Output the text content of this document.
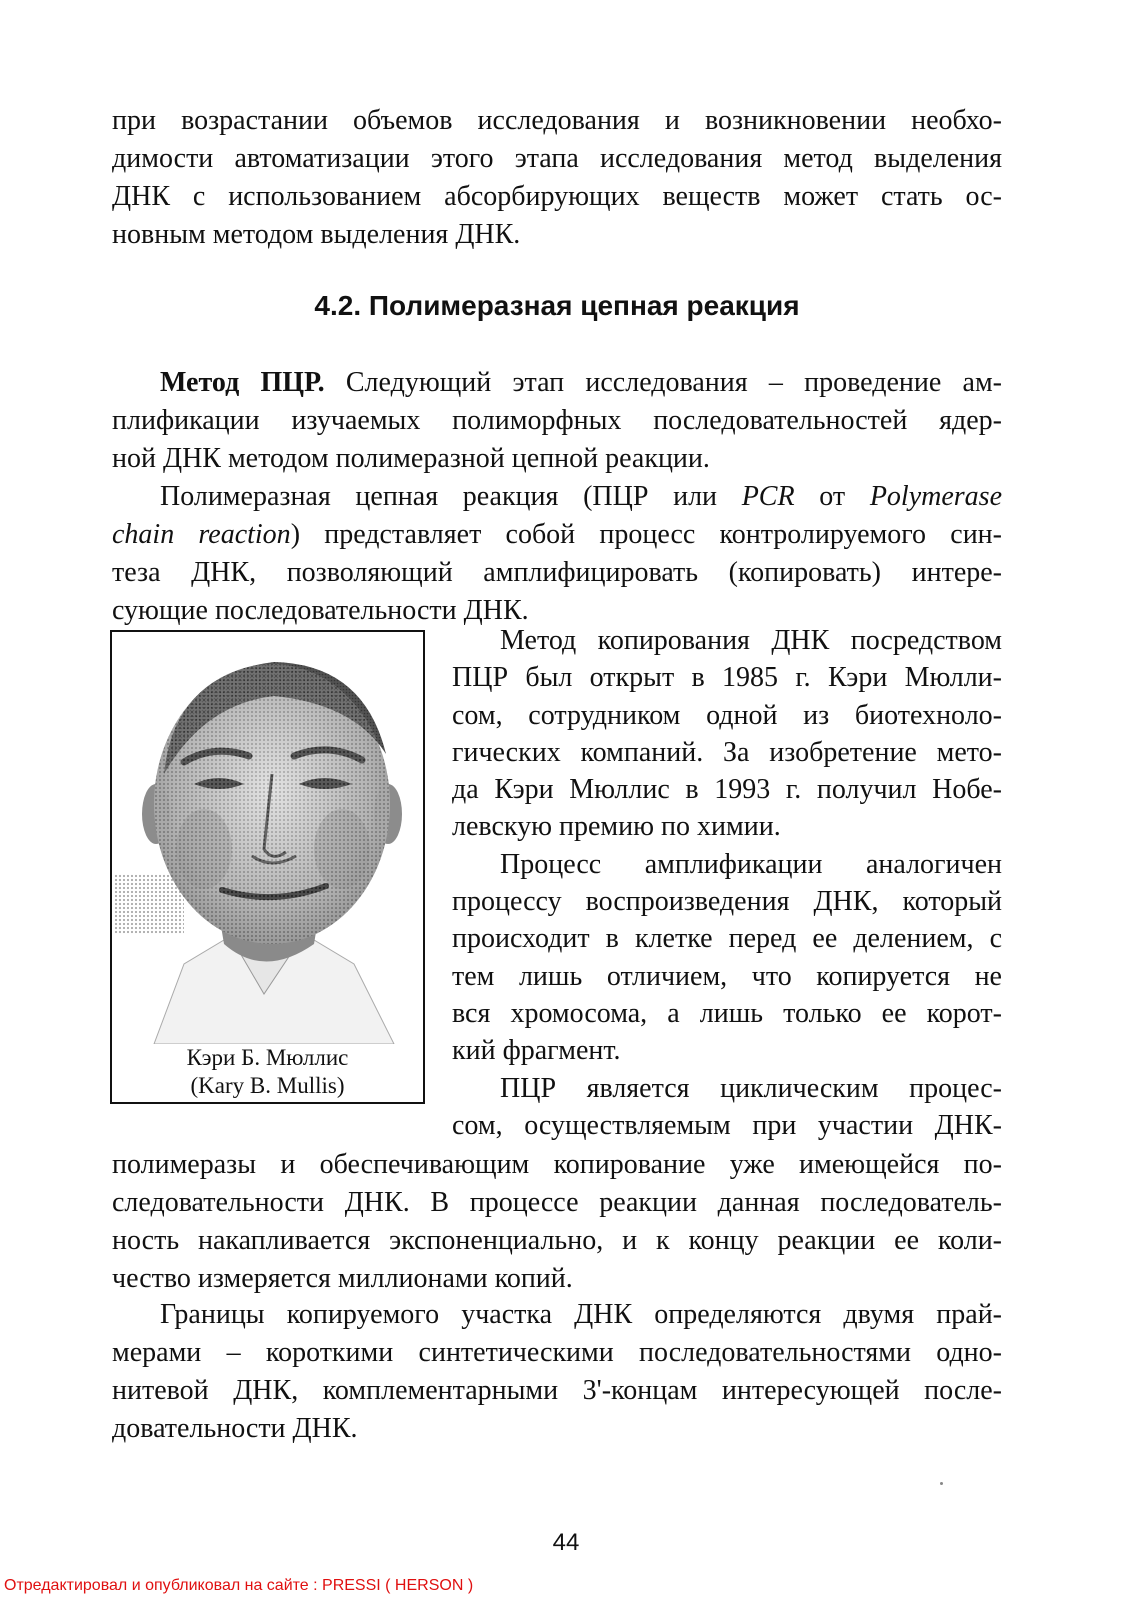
при возрастании объемов исследования и возникновении необхо-
димости автоматизации этого этапа исследования метод выделения
ДНК с использованием абсорбирующих веществ может стать ос-
новным методом выделения ДНК.
4.2. Полимеразная цепная реакция
Метод ПЦР. Следующий этап исследования – проведение ам-
плификации изучаемых полиморфных последовательностей ядер-
ной ДНК методом полимеразной цепной реакции.
Полимеразная цепная реакция (ПЦР или PCR от Polymerase
chain reaction) представляет собой процесс контролируемого син-
теза ДНК, позволяющий амплифицировать (копировать) интере-
сующие последовательности ДНК.
Кэри Б. Мюллис
(Kary B. Mullis)
Метод копирования ДНК посредством
ПЦР был открыт в 1985 г. Кэри Мюлли-
сом, сотрудником одной из биотехноло-
гических компаний. За изобретение мето-
да Кэри Мюллис в 1993 г. получил Нобе-
левскую премию по химии.
Процесс амплификации аналогичен
процессу воспроизведения ДНК, который
происходит в клетке перед ее делением, с
тем лишь отличием, что копируется не
вся хромосома, а лишь только ее корот-
кий фрагмент.
ПЦР является циклическим процес-
сом, осуществляемым при участии ДНК-
полимеразы и обеспечивающим копирование уже имеющейся по-
следовательности ДНК. В процессе реакции данная последователь-
ность накапливается экспоненциально, и к концу реакции ее коли-
чество измеряется миллионами копий.
Границы копируемого участка ДНК определяются двумя прай-
мерами – короткими синтетическими последовательностями одно-
нитевой ДНК, комплементарными 3'-концам интересующей после-
довательности ДНК.
44
Отредактировал и опубликовал на сайте : PRESSI ( HERSON )
